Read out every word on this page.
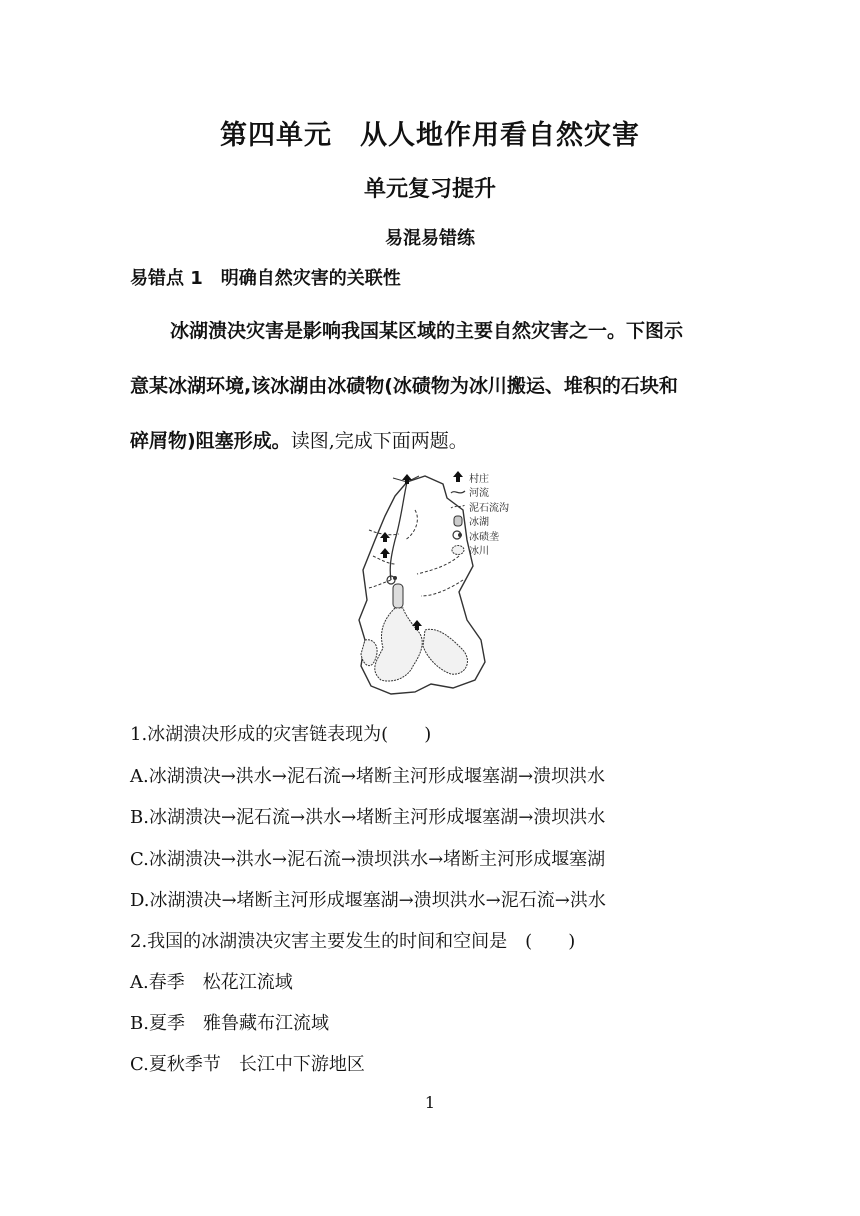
第四单元　从人地作用看自然灾害
单元复习提升
易混易错练
易错点 1　明确自然灾害的关联性
冰湖溃决灾害是影响我国某区域的主要自然灾害之一。下图示
意某冰湖环境,该冰湖由冰碛物(冰碛物为冰川搬运、堆积的石块和
碎屑物)阻塞形成。读图,完成下面两题。
村庄
河流
泥石流沟
冰湖
冰碛垄
冰川
1.冰湖溃决形成的灾害链表现为(　　)
A.冰湖溃决→洪水→泥石流→堵断主河形成堰塞湖→溃坝洪水
B.冰湖溃决→泥石流→洪水→堵断主河形成堰塞湖→溃坝洪水
C.冰湖溃决→洪水→泥石流→溃坝洪水→堵断主河形成堰塞湖
D.冰湖溃决→堵断主河形成堰塞湖→溃坝洪水→泥石流→洪水
2.我国的冰湖溃决灾害主要发生的时间和空间是　(　　)
A.春季　松花江流域
B.夏季　雅鲁藏布江流域
C.夏秋季节　长江中下游地区
1
